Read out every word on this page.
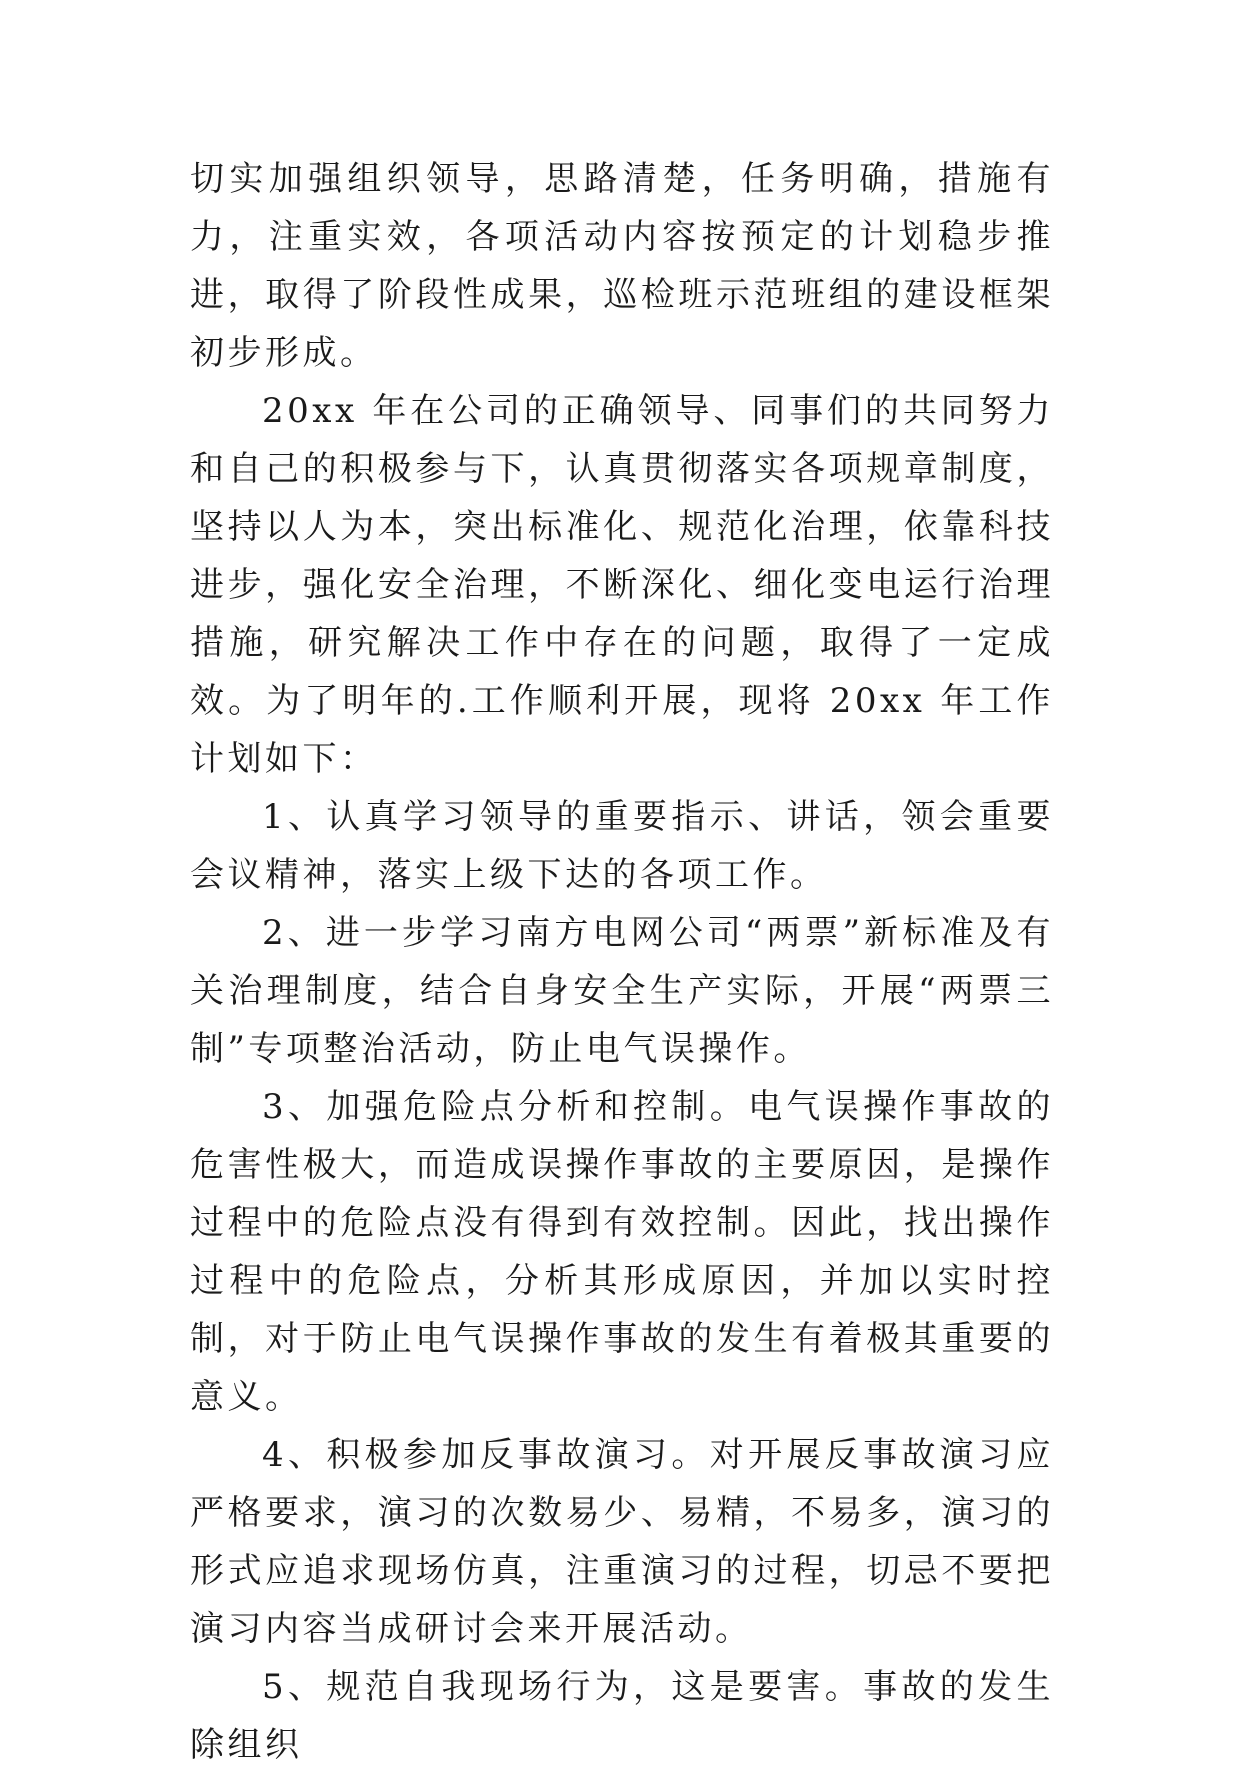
切实加强组织领导，思路清楚，任务明确，措施有力，注重实效，各项活动内容按预定的计划稳步推进，取得了阶段性成果，巡检班示范班组的建设框架初步形成。

20xx 年在公司的正确领导、同事们的共同努力和自己的积极参与下，认真贯彻落实各项规章制度，坚持以人为本，突出标准化、规范化治理，依靠科技进步，强化安全治理，不断深化、细化变电运行治理措施，研究解决工作中存在的问题，取得了一定成效。为了明年的.工作顺利开展，现将 20xx 年工作计划如下：

1、认真学习领导的重要指示、讲话，领会重要会议精神，落实上级下达的各项工作。

2、进一步学习南方电网公司“两票”新标准及有关治理制度，结合自身安全生产实际，开展“两票三制”专项整治活动，防止电气误操作。

3、加强危险点分析和控制。电气误操作事故的危害性极大，而造成误操作事故的主要原因，是操作过程中的危险点没有得到有效控制。因此，找出操作过程中的危险点，分析其形成原因，并加以实时控制，对于防止电气误操作事故的发生有着极其重要的意义。

4、积极参加反事故演习。对开展反事故演习应严格要求，演习的次数易少、易精，不易多，演习的形式应追求现场仿真，注重演习的过程，切忌不要把演习内容当成研讨会来开展活动。

5、规范自我现场行为，这是要害。事故的发生除组织
